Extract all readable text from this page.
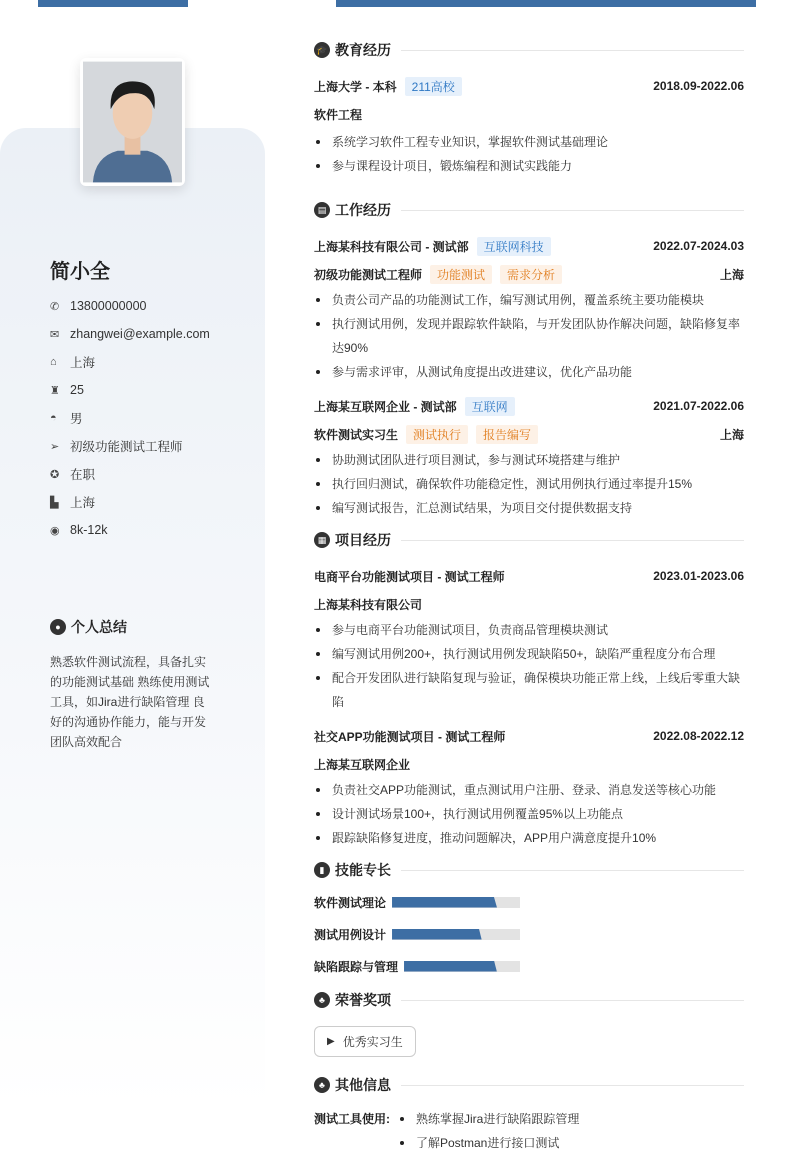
简小全
✆ 13800000000
✉ zhangwei@example.com
⌂	上海
♜ 25
◓	男
➢ 初级功能测试工程师
✪ 在职
▙ 上海
◉ 8k-12k
● 个人总结
熟悉软件测试流程，具备扎实的功能测试基础 熟练使用测试工具，如Jira进行缺陷管理 良好的沟通协作能力，能与开发团队高效配合
🎓 教育经历
上海大学 - 本科 211高校	2018.09-2022.06
软件工程
系统学习软件工程专业知识，掌握软件测试基础理论
参与课程设计项目，锻炼编程和测试实践能力
▤ 工作经历
上海某科技有限公司 - 测试部 互联网科技	2022.07-2024.03
初级功能测试工程师 功能测试 需求分析	上海
负责公司产品的功能测试工作，编写测试用例，覆盖系统主要功能模块
执行测试用例，发现并跟踪软件缺陷，与开发团队协作解决问题，缺陷修复率达90%
参与需求评审，从测试角度提出改进建议，优化产品功能
上海某互联网企业 - 测试部 互联网	2021.07-2022.06
软件测试实习生 测试执行 报告编写	上海
协助测试团队进行项目测试，参与测试环境搭建与维护
执行回归测试，确保软件功能稳定性，测试用例执行通过率提升15%
编写测试报告，汇总测试结果，为项目交付提供数据支持
▦ 项目经历
电商平台功能测试项目 - 测试工程师	2023.01-2023.06
上海某科技有限公司
参与电商平台功能测试项目，负责商品管理模块测试
编写测试用例200+，执行测试用例发现缺陷50+，缺陷严重程度分布合理
配合开发团队进行缺陷复现与验证，确保模块功能正常上线，上线后零重大缺陷
社交APP功能测试项目 - 测试工程师	2022.08-2022.12
上海某互联网企业
负责社交APP功能测试，重点测试用户注册、登录、消息发送等核心功能
设计测试场景100+，执行测试用例覆盖95%以上功能点
跟踪缺陷修复进度，推动问题解决，APP用户满意度提升10%
▮ 技能专长
软件测试理论
测试用例设计
缺陷跟踪与管理
♣ 荣誉奖项
▶ 优秀实习生
♣ 其他信息
测试工具使用:	熟练掌握Jira进行缺陷跟踪管理
了解Postman进行接口测试
